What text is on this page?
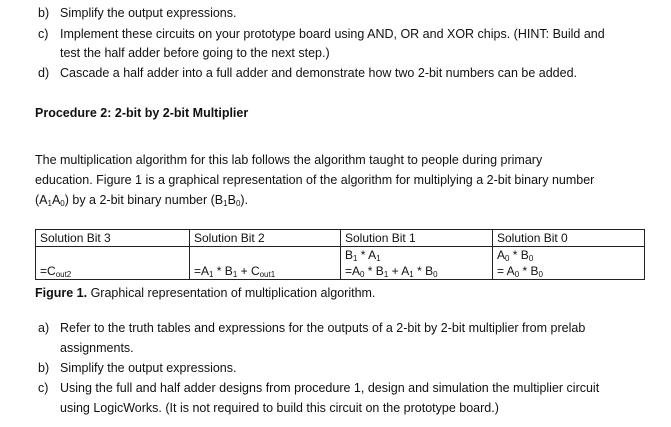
b) Simplify the output expressions.
c) Implement these circuits on your prototype board using AND, OR and XOR chips. (HINT: Build and
test the half adder before going to the next step.)
d) Cascade a half adder into a full adder and demonstrate how two 2-bit numbers can be added.
Procedure 2: 2-bit by 2-bit Multiplier
The multiplication algorithm for this lab follows the algorithm taught to people during primary
education. Figure 1 is a graphical representation of the algorithm for multiplying a 2-bit binary number
$(A_1A_0)$ by a 2-bit binary number $(B_1B_0)$.
Solution Bit 3	Solution Bit 2	Solution Bit 1	Solution Bit 0
		$B_1 * A_1$	$A_0 * B_0$
$=C_{out2}$	$=A_1 * B_1 + C_{out1}$	$=A_0 * B_1 + A_1 * B_0$	= $A_0 * B_0$
Figure 1. Graphical representation of multiplication algorithm.
a) Refer to the truth tables and expressions for the outputs of a 2-bit by 2-bit multiplier from prelab
assignments.
b) Simplify the output expressions.
c) Using the full and half adder designs from procedure 1, design and simulation the multiplier circuit
using LogicWorks. (It is not required to build this circuit on the prototype board.)
